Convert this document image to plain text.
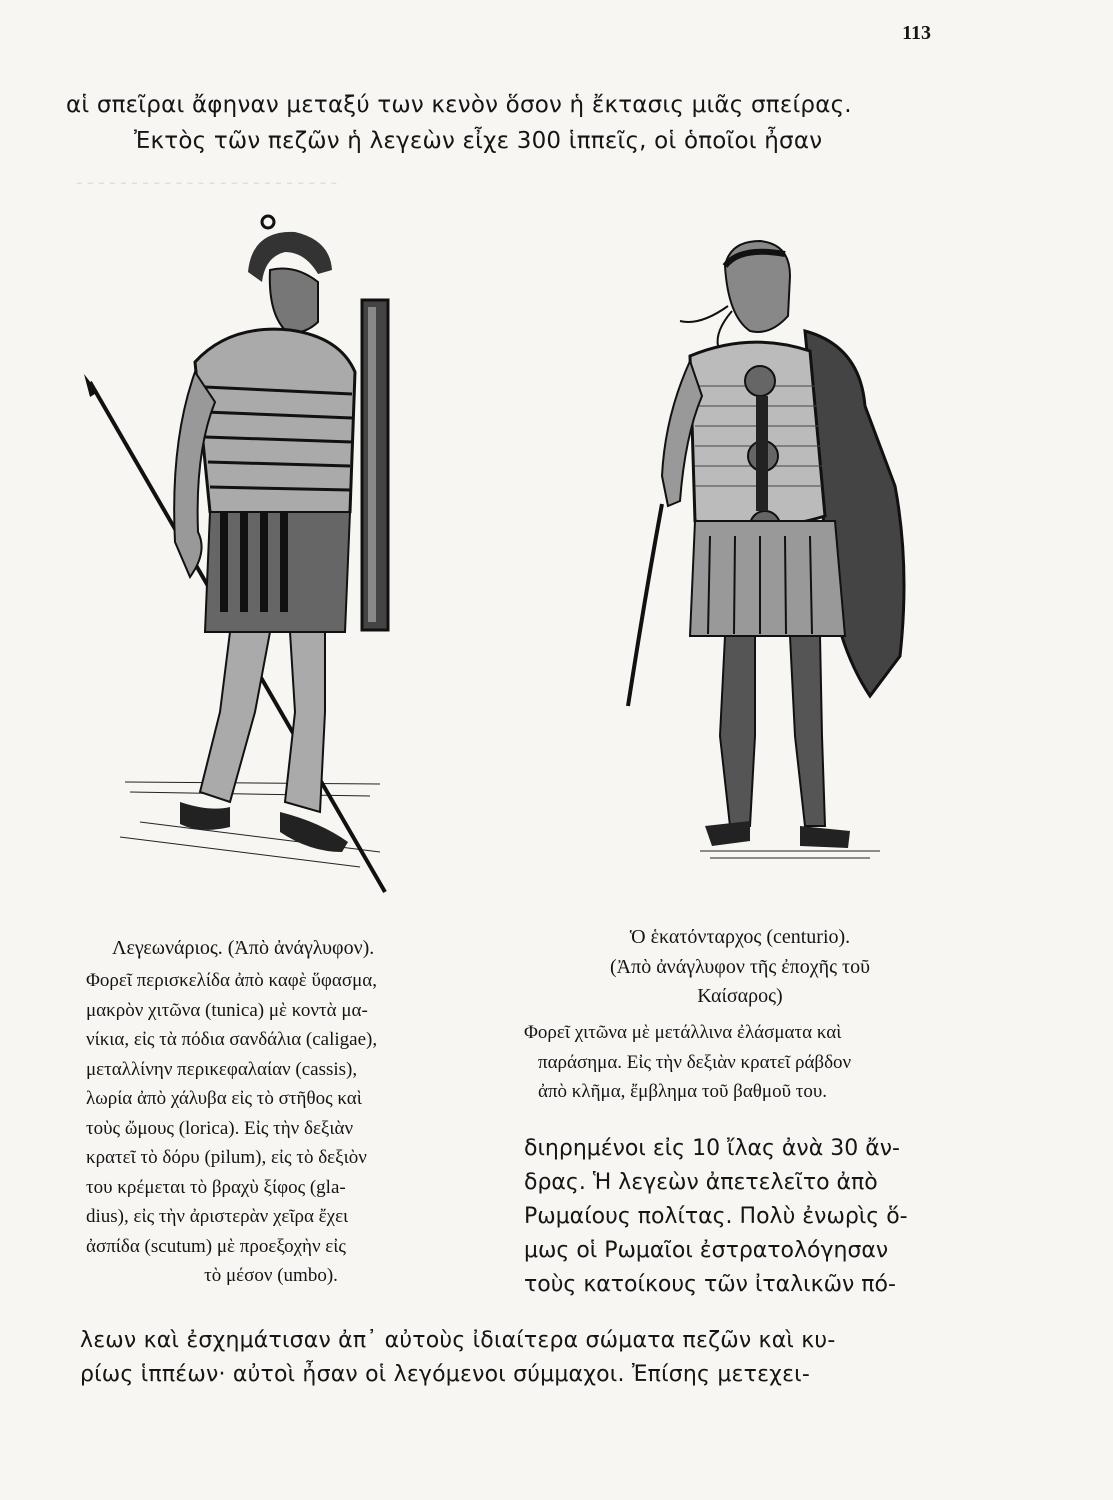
113
αἱ σπεῖραι ἄφηναν μεταξύ των κενὸν ὅσον ἡ ἔκτασις μιᾶς σπείρας.
Ἐκτὸς τῶν πεζῶν ἡ λεγεὼν εἶχε 300 ἱππεῖς, οἱ ὁποῖοι ἦσαν
- - - - - - - - - - - - - - - - - - - - - - - -
Λεγεωνάριος. (Ἀπὸ ἀνάγλυφον).
Φορεῖ περισκελίδα ἀπὸ καφὲ ὕφασμα,
μακρὸν χιτῶνα (tunica) μὲ κοντὰ μα-
νίκια, εἰς τὰ πόδια σανδάλια (caligae),
μεταλλίνην περικεφαλαίαν (cassis),
λωρία ἀπὸ χάλυβα εἰς τὸ στῆθος καὶ
τοὺς ὤμους (lorica). Εἰς τὴν δεξιὰν
κρατεῖ τὸ δόρυ (pilum), εἰς τὸ δεξιὸν
του κρέμεται τὸ βραχὺ ξίφος (gla-
dius), εἰς τὴν ἀριστερὰν χεῖρα ἔχει
ἀσπίδα (scutum) μὲ προεξοχὴν εἰς
τὸ μέσον (umbo).
Ὁ ἑκατόνταρχος (centurio).
(Ἀπὸ ἀνάγλυφον τῆς ἐποχῆς τοῦ
Καίσαρος)
Φορεῖ χιτῶνα μὲ μετάλλινα ἐλάσματα καὶ
παράσημα. Εἰς τὴν δεξιὰν κρατεῖ ράβδον
ἀπὸ κλῆμα, ἔμβλημα τοῦ βαθμοῦ του.
διηρημένοι εἰς 10 ἴλας ἀνὰ 30 ἄν-
δρας. Ἡ λεγεὼν ἀπετελεῖτο ἀπὸ
Ρωμαίους πολίτας. Πολὺ ἐνωρὶς ὅ-
μως οἱ Ρωμαῖοι ἐστρατολόγησαν
τοὺς κατοίκους τῶν ἰταλικῶν πό-
λεων καὶ ἐσχημάτισαν ἀπ᾽ αὐτοὺς ἰδιαίτερα σώματα πεζῶν καὶ κυ-
ρίως ἱππέων· αὐτοὶ ἦσαν οἱ λεγόμενοι σύμμαχοι. Ἐπίσης μετεχει-
